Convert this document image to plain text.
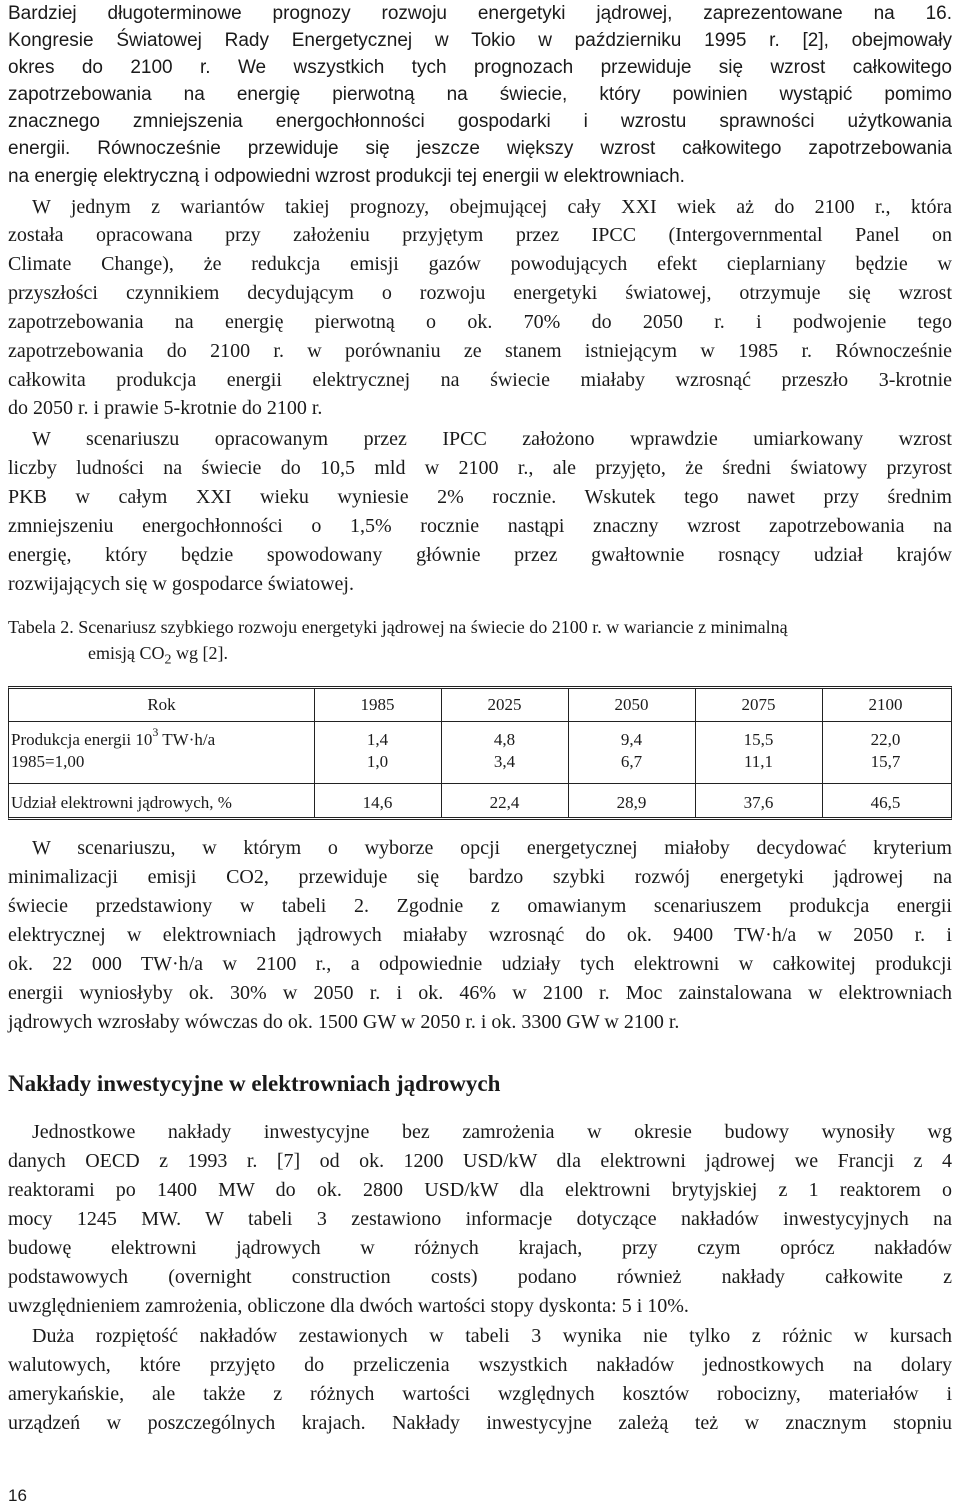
Bardziej długoterminowe prognozy rozwoju energetyki jądrowej, zaprezentowane na 16.
Kongresie Światowej Rady Energetycznej w Tokio w październiku 1995 r. [2], obejmowały
okres do 2100 r. We wszystkich tych prognozach przewiduje się wzrost całkowitego
zapotrzebowania na energię pierwotną na świecie, który powinien wystąpić pomimo
znacznego zmniejszenia energochłonności gospodarki i wzrostu sprawności użytkowania
energii. Równocześnie przewiduje się jeszcze większy wzrost całkowitego zapotrzebowania
na energię elektryczną i odpowiedni wzrost produkcji tej energii w elektrowniach.
W jednym z wariantów takiej prognozy, obejmującej cały XXI wiek aż do 2100 r., która
została opracowana przy założeniu przyjętym przez IPCC (Intergovernmental Panel on
Climate Change), że redukcja emisji gazów powodujących efekt cieplarniany będzie w
przyszłości czynnikiem decydującym o rozwoju energetyki światowej, otrzymuje się wzrost
zapotrzebowania na energię pierwotną o ok. 70% do 2050 r. i podwojenie tego
zapotrzebowania do 2100 r. w porównaniu ze stanem istniejącym w 1985 r. Równocześnie
całkowita produkcja energii elektrycznej na świecie miałaby wzrosnąć przeszło 3-krotnie
do 2050 r. i prawie 5-krotnie do 2100 r.
W scenariuszu opracowanym przez IPCC założono wprawdzie umiarkowany wzrost
liczby ludności na świecie do 10,5 mld w 2100 r., ale przyjęto, że średni światowy przyrost
PKB w całym XXI wieku wyniesie 2% rocznie. Wskutek tego nawet przy średnim
zmniejszeniu energochłonności o 1,5% rocznie nastąpi znaczny wzrost zapotrzebowania na
energię, który będzie spowodowany głównie przez gwałtownie rosnący udział krajów
rozwijających się w gospodarce światowej.
Tabela 2. Scenariusz szybkiego rozwoju energetyki jądrowej na świecie do 2100 r. w wariancie z minimalną
emisją $CO_2$ wg [2].
Rok	1985	2025	2050	2075	2100
Produkcja energii $10^3$ TW·h/a	1,4	4,8	9,4	15,5	22,0
1985=1,00	1,0	3,4	6,7	11,1	15,7
Udział elektrowni jądrowych, %	14,6	22,4	28,9	37,6	46,5
W scenariuszu, w którym o wyborze opcji energetycznej miałoby decydować kryterium
minimalizacji emisji CO2, przewiduje się bardzo szybki rozwój energetyki jądrowej na
świecie przedstawiony w tabeli 2. Zgodnie z omawianym scenariuszem produkcja energii
elektrycznej w elektrowniach jądrowych miałaby wzrosnąć do ok. 9400 TW·h/a w 2050 r. i
ok. 22 000 TW·h/a w 2100 r., a odpowiednie udziały tych elektrowni w całkowitej produkcji
energii wyniosłyby ok. 30% w 2050 r. i ok. 46% w 2100 r. Moc zainstalowana w elektrowniach
jądrowych wzrosłaby wówczas do ok. 1500 GW w 2050 r. i ok. 3300 GW w 2100 r.
Nakłady inwestycyjne w elektrowniach jądrowych
Jednostkowe nakłady inwestycyjne bez zamrożenia w okresie budowy wynosiły wg
danych OECD z 1993 r. [7] od ok. 1200 USD/kW dla elektrowni jądrowej we Francji z 4
reaktorami po 1400 MW do ok. 2800 USD/kW dla elektrowni brytyjskiej z 1 reaktorem o
mocy 1245 MW. W tabeli 3 zestawiono informacje dotyczące nakładów inwestycyjnych na
budowę elektrowni jądrowych w różnych krajach, przy czym oprócz nakładów
podstawowych (overnight construction costs) podano również nakłady całkowite z
uwzględnieniem zamrożenia, obliczone dla dwóch wartości stopy dyskonta: 5 i 10%.
Duża rozpiętość nakładów zestawionych w tabeli 3 wynika nie tylko z różnic w kursach
walutowych, które przyjęto do przeliczenia wszystkich nakładów jednostkowych na dolary
amerykańskie, ale także z różnych wartości względnych kosztów robocizny, materiałów i
urządzeń w poszczególnych krajach. Nakłady inwestycyjne zależą też w znacznym stopniu
16
